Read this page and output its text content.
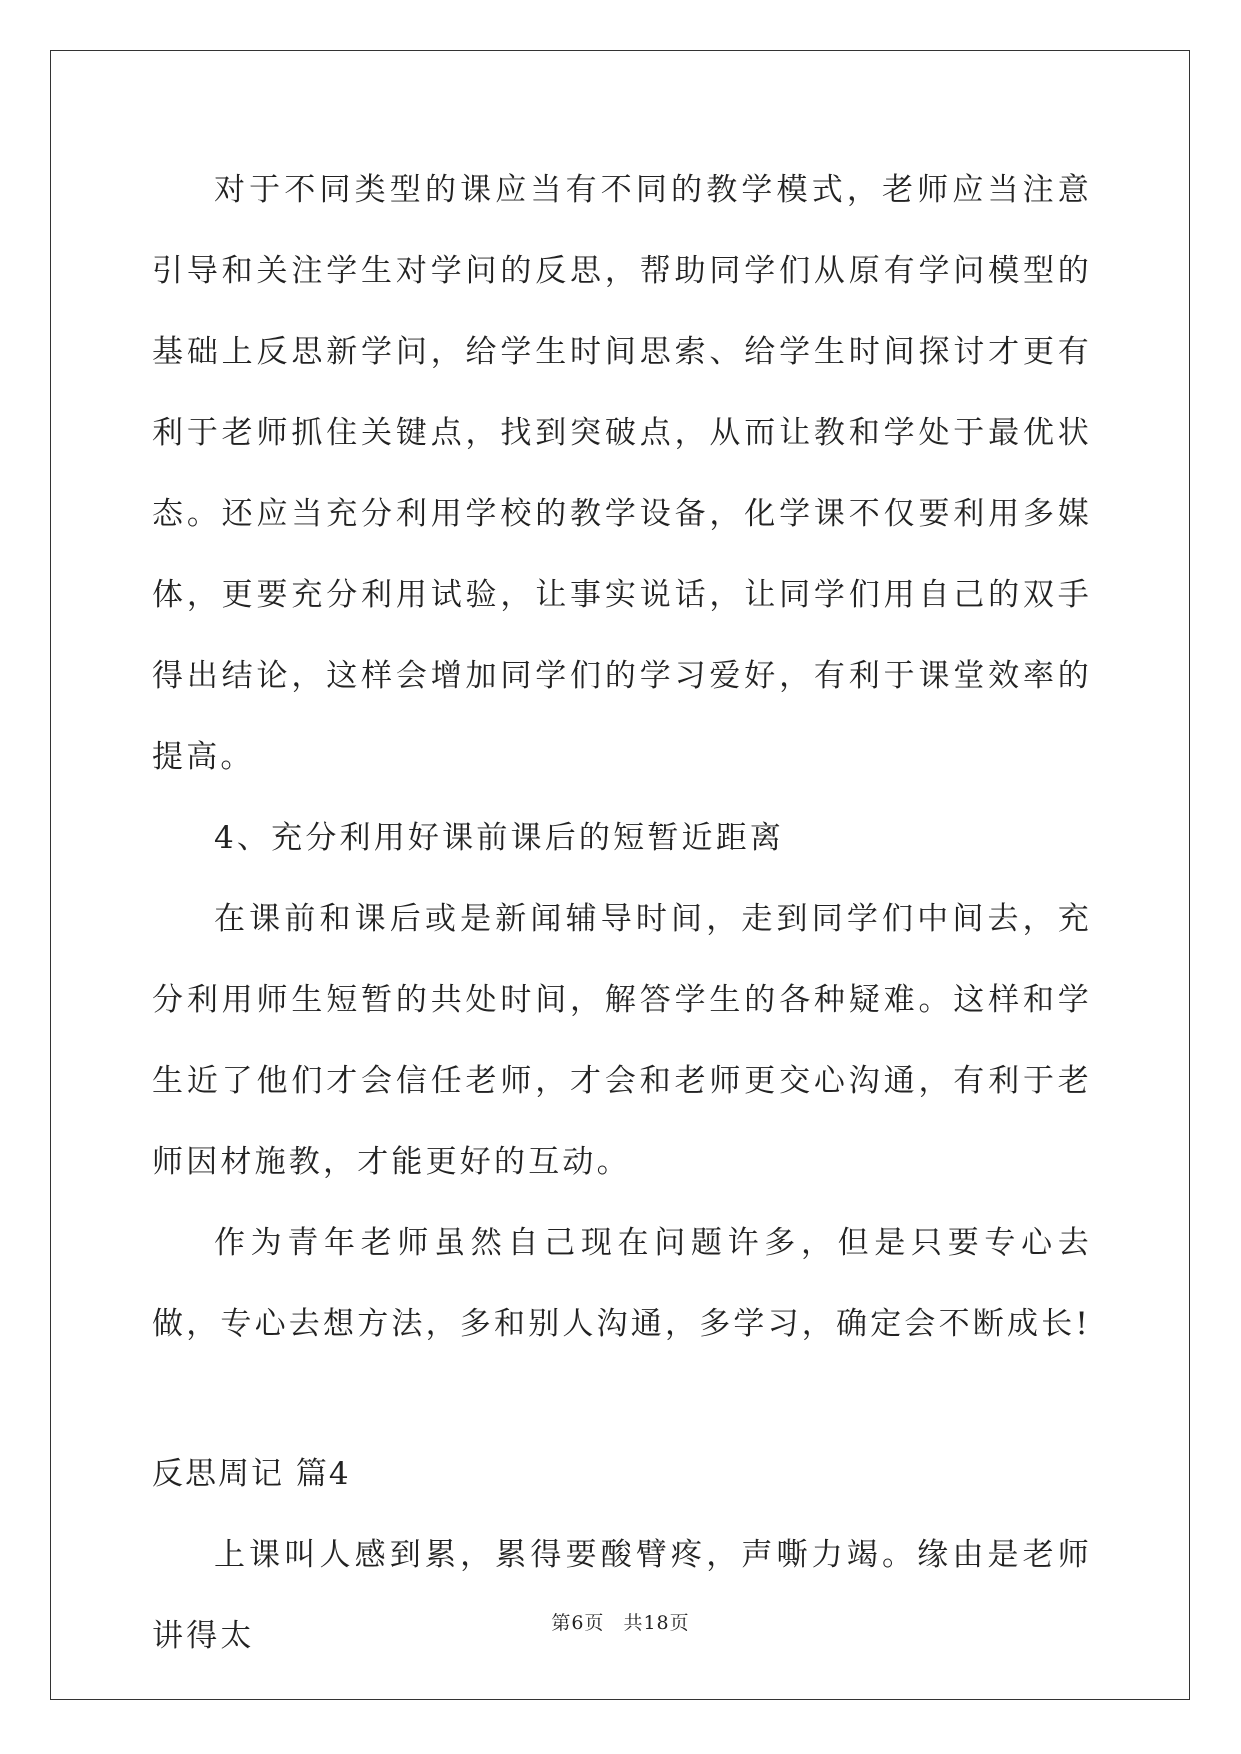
对于不同类型的课应当有不同的教学模式，老师应当注意引导和关注学生对学问的反思，帮助同学们从原有学问模型的基础上反思新学问，给学生时间思索、给学生时间探讨才更有利于老师抓住关键点，找到突破点，从而让教和学处于最优状态。还应当充分利用学校的教学设备，化学课不仅要利用多媒体，更要充分利用试验，让事实说话，让同学们用自己的双手得出结论，这样会增加同学们的学习爱好，有利于课堂效率的提高。

4、充分利用好课前课后的短暂近距离

在课前和课后或是新闻辅导时间，走到同学们中间去，充分利用师生短暂的共处时间，解答学生的各种疑难。这样和学生近了他们才会信任老师，才会和老师更交心沟通，有利于老师因材施教，才能更好的互动。

作为青年老师虽然自己现在问题许多，但是只要专心去做，专心去想方法，多和别人沟通，多学习，确定会不断成长!

反思周记 篇4

上课叫人感到累，累得要酸臂疼，声嘶力竭。缘由是老师讲得太	第6页 共18页
